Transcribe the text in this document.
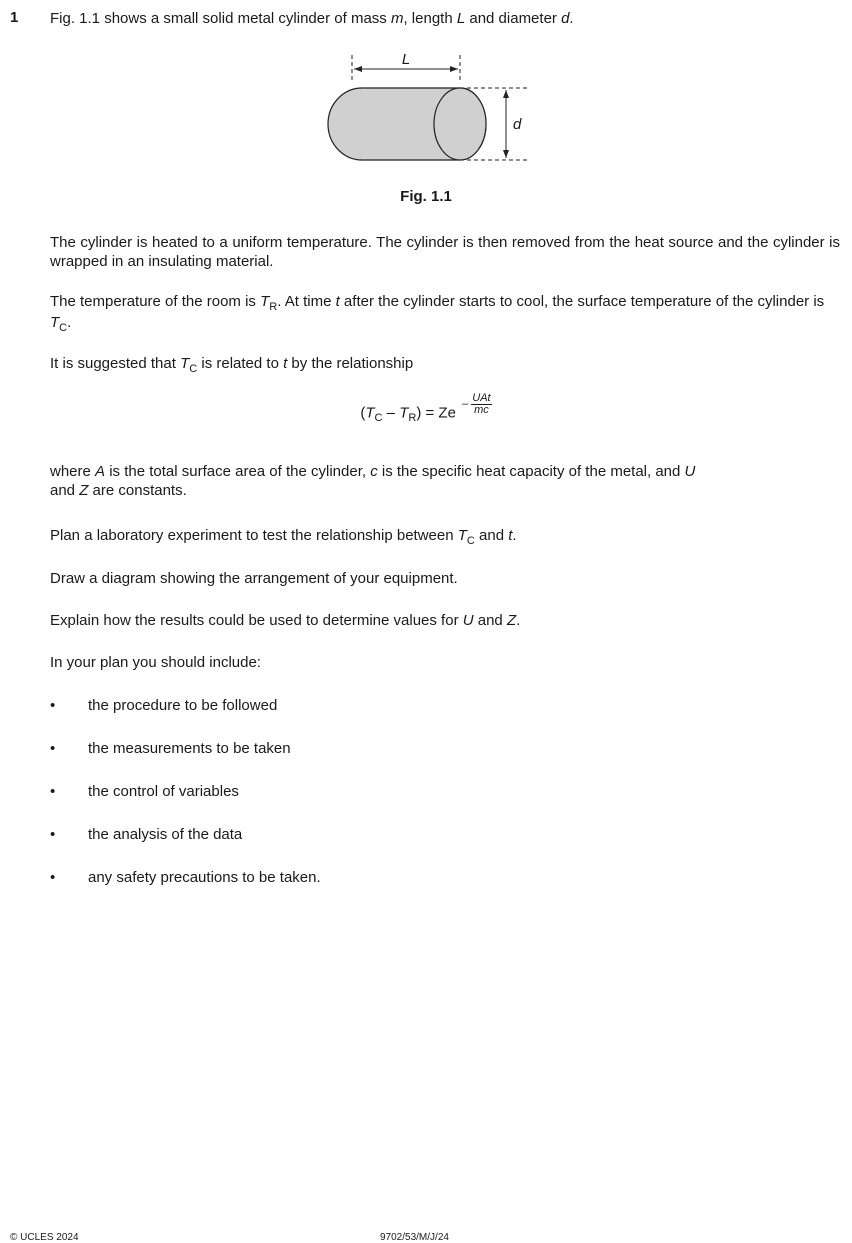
1 Fig. 1.1 shows a small solid metal cylinder of mass m, length L and diameter d.
L
d
Fig. 1.1
The cylinder is heated to a uniform temperature. The cylinder is then removed from the heat source and the cylinder is wrapped in an insulating material.
The temperature of the room is $T_R$. At time t after the cylinder starts to cool, the surface temperature of the cylinder is $T_C$.
It is suggested that $T_C$ is related to t by the relationship
$(T_C - T_R) = Ze$ $^{- UAt mc}$
where A is the total surface area of the cylinder, c is the specific heat capacity of the metal, and U
and Z are constants.
Plan a laboratory experiment to test the relationship between $T_C$ and t.
Draw a diagram showing the arrangement of your equipment.
Explain how the results could be used to determine values for U and Z.
In your plan you should include:
• the procedure to be followed
• the measurements to be taken
• the control of variables
• the analysis of the data
• any safety precautions to be taken.
© UCLES 2024	9702/53/M/J/24
